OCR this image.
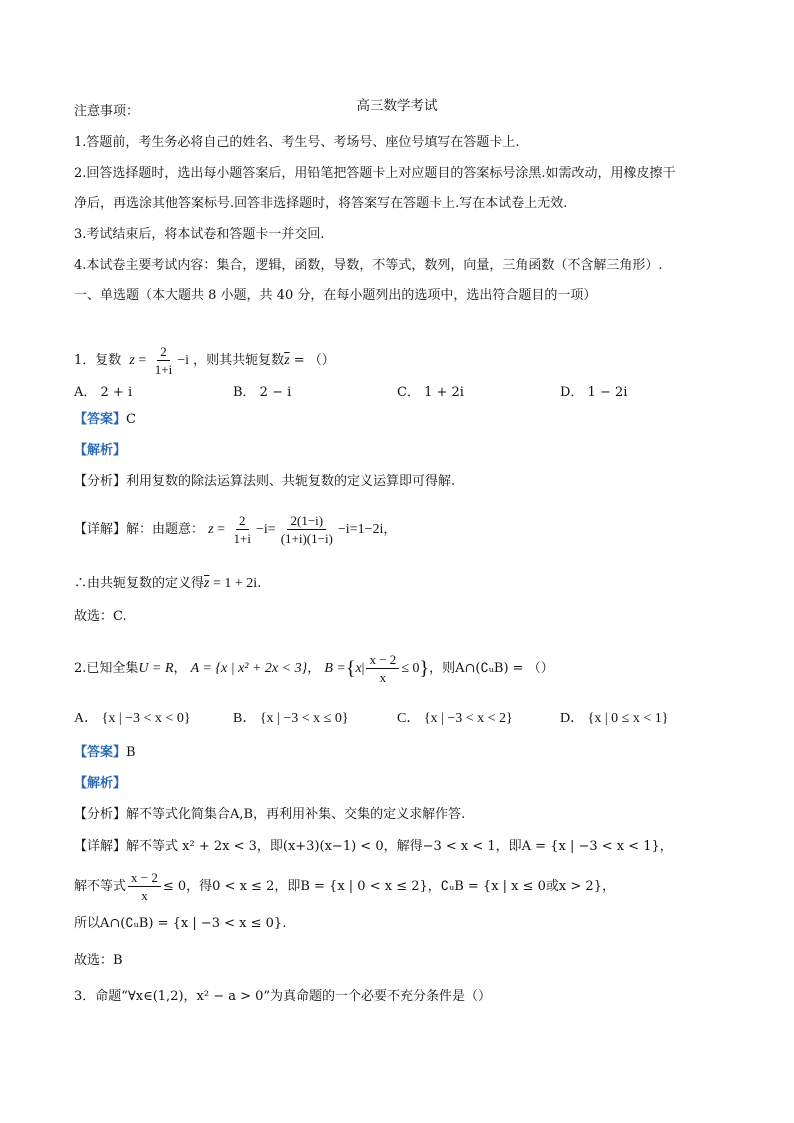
高三数学考试
注意事项：
1.答题前，考生务必将自己的姓名、考生号、考场号、座位号填写在答题卡上.
2.回答选择题时，选出每小题答案后，用铅笔把答题卡上对应题目的答案标号涂黑.如需改动，用橡皮擦干
净后，再选涂其他答案标号.回答非选择题时，将答案写在答题卡上.写在本试卷上无效.
3.考试结束后，将本试卷和答题卡一并交回.
4.本试卷主要考试内容：集合，逻辑，函数，导数，不等式，数列，向量，三角函数（不含解三角形）.
一、单选题（本大题共 8 小题，共 40 分，在每小题列出的选项中，选出符合题目的一项）
1．复数 $z = \frac{2}{1+i} -i$ ，则其共轭复数$\overline{z}$ = （）
A． 2 + i	B． 2 − i	C． 1 + 2i	D． 1 − 2i
【答案】C
【解析】
【分析】利用复数的除法运算法则、共轭复数的定义运算即可得解.
【详解】解：由题意： $z = \frac{2}{1+i} -i= \frac{2(1-i)}{(1+i)(1-i)} -i=1-2i$，
∴由共轭复数的定义得$\overline{z} = 1 + 2i$.
故选：C.
2.已知全集U = R， A = {x | x² + 2x < 3}， $B =\{x| \frac{x - 2}{x} \le 0\}$，则A∩(∁ᵤB) = （）
A． {x | −3 < x < 0}	B． {x | −3 < x ≤ 0}	C． {x | −3 < x < 2}	D． {x | 0 ≤ x < 1}
【答案】B
【解析】
【分析】解不等式化简集合A,B，再利用补集、交集的定义求解作答.
【详解】解不等式 x² + 2x < 3，即(x+3)(x−1) < 0，解得−3 < x < 1，即A = {x | −3 < x < 1}，
解不等式 $\frac{x - 2}{x} \le 0$，得0 < x ≤ 2，即B = {x | 0 < x ≤ 2}，∁ᵤB = {x | x ≤ 0或x > 2}，
所以A∩(∁ᵤB) = {x | −3 < x ≤ 0}.
故选：B
3．命题“∀x∈(1,2)，x² − a > 0”为真命题的一个必要不充分条件是（）
